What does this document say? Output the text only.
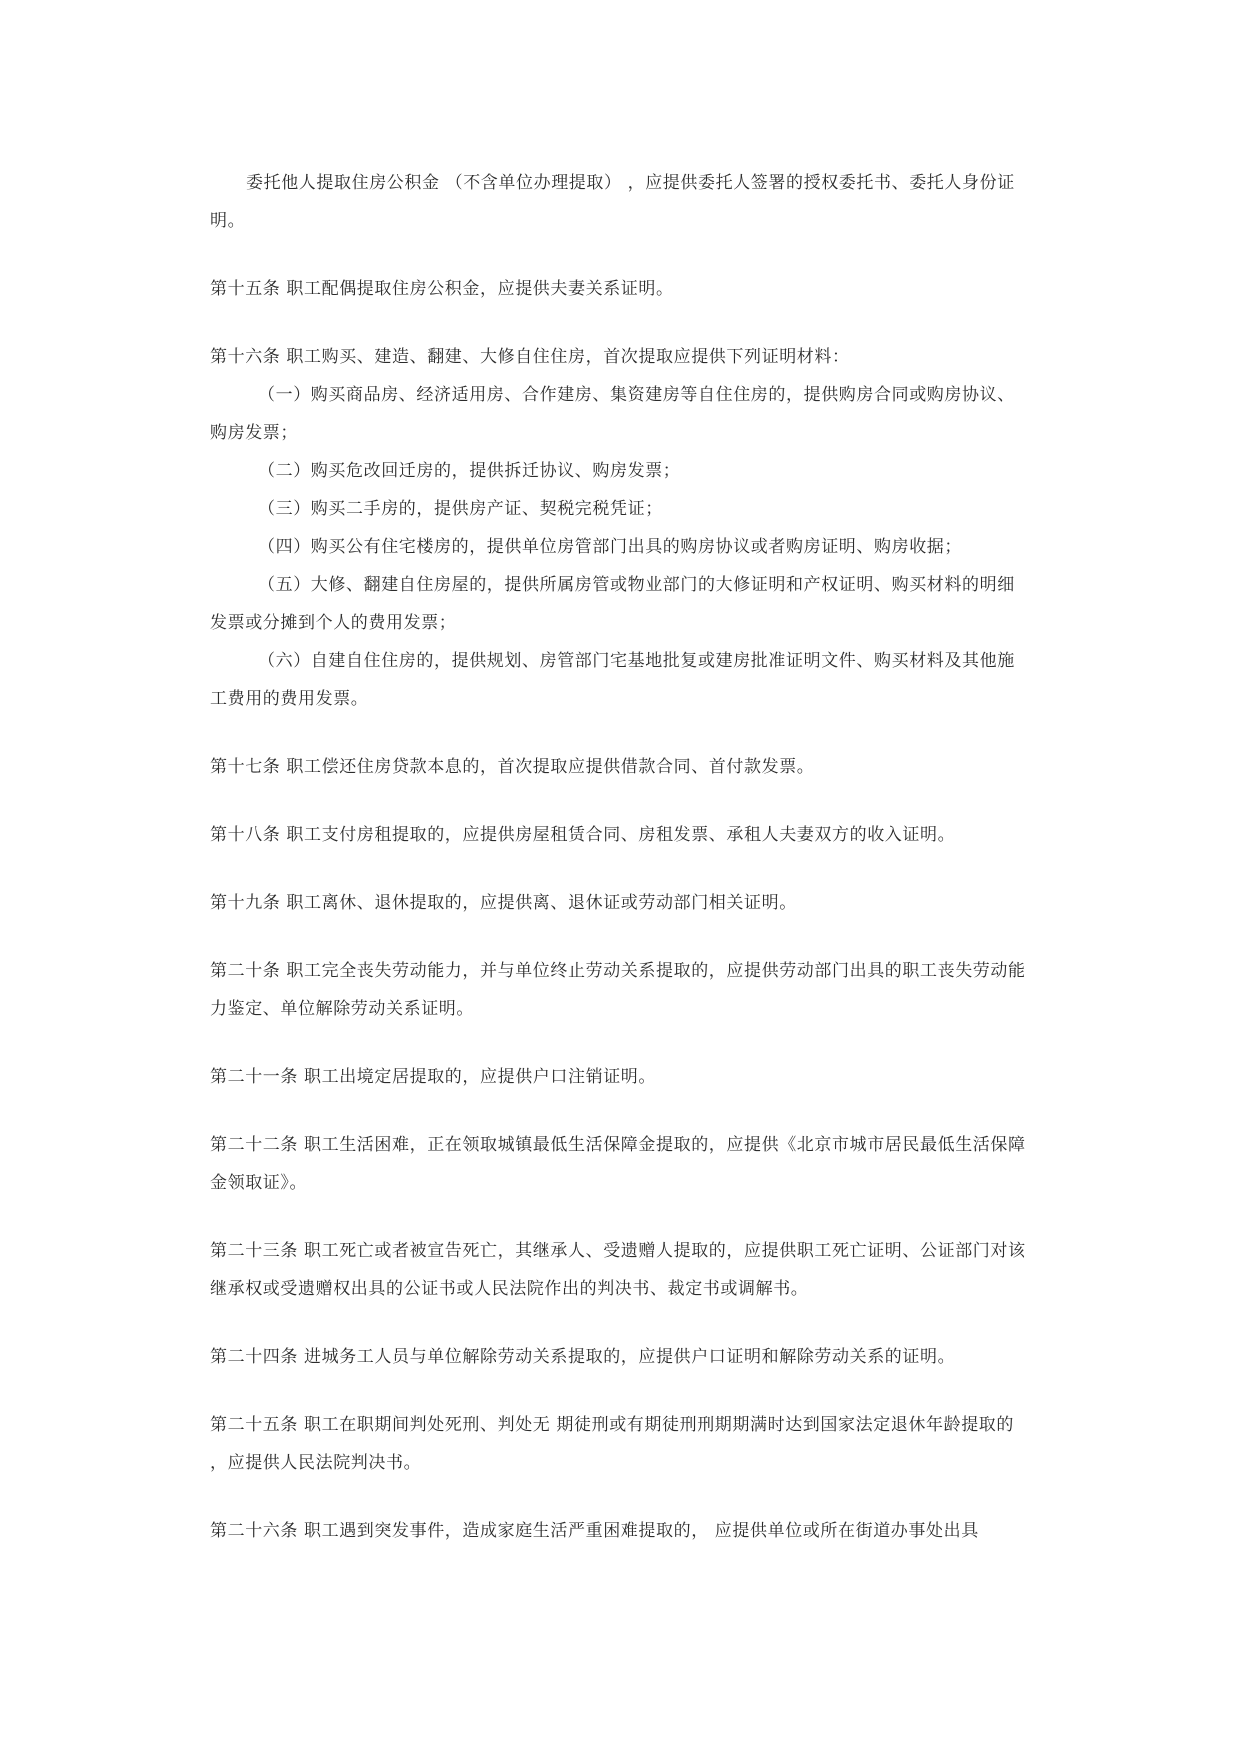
委托他人提取住房公积金 （不含单位办理提取） ，应提供委托人签署的授权委托书、委托人身份证明。

第十五条 职工配偶提取住房公积金，应提供夫妻关系证明。

第十六条 职工购买、建造、翻建、大修自住住房，首次提取应提供下列证明材料：

（一）购买商品房、经济适用房、合作建房、集资建房等自住住房的，提供购房合同或购房协议、购房发票；

（二）购买危改回迁房的，提供拆迁协议、购房发票；

（三）购买二手房的，提供房产证、契税完税凭证；

（四）购买公有住宅楼房的，提供单位房管部门出具的购房协议或者购房证明、购房收据；

（五）大修、翻建自住房屋的，提供所属房管或物业部门的大修证明和产权证明、购买材料的明细发票或分摊到个人的费用发票；

（六）自建自住住房的，提供规划、房管部门宅基地批复或建房批准证明文件、购买材料及其他施工费用的费用发票。

第十七条 职工偿还住房贷款本息的，首次提取应提供借款合同、首付款发票。

第十八条 职工支付房租提取的，应提供房屋租赁合同、房租发票、承租人夫妻双方的收入证明。

第十九条 职工离休、退休提取的，应提供离、退休证或劳动部门相关证明。

第二十条 职工完全丧失劳动能力，并与单位终止劳动关系提取的，应提供劳动部门出具的职工丧失劳动能力鉴定、单位解除劳动关系证明。

第二十一条 职工出境定居提取的，应提供户口注销证明。

第二十二条 职工生活困难，正在领取城镇最低生活保障金提取的，应提供《北京市城市居民最低生活保障金领取证》。

第二十三条 职工死亡或者被宣告死亡，其继承人、受遗赠人提取的，应提供职工死亡证明、公证部门对该继承权或受遗赠权出具的公证书或人民法院作出的判决书、裁定书或调解书。

第二十四条 进城务工人员与单位解除劳动关系提取的，应提供户口证明和解除劳动关系的证明。

第二十五条 职工在职期间判处死刑、判处无 期徒刑或有期徒刑刑期期满时达到国家法定退休年龄提取的 ，应提供人民法院判决书。

第二十六条 职工遇到突发事件，造成家庭生活严重困难提取的， 应提供单位或所在街道办事处出具
